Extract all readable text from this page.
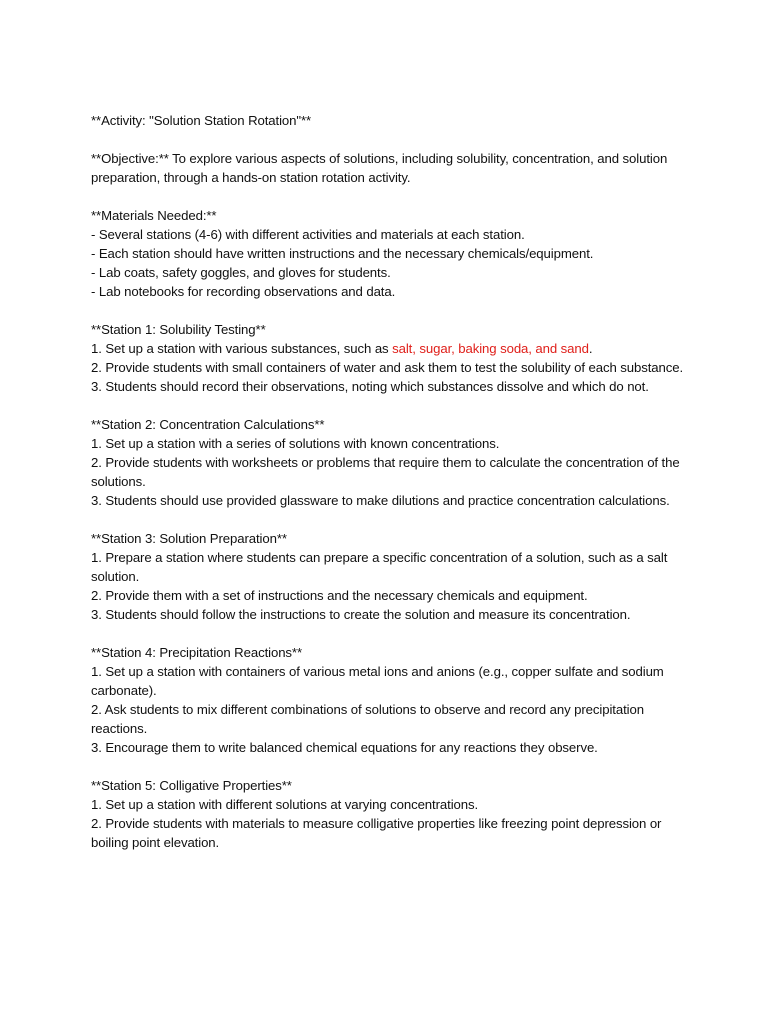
**Activity: "Solution Station Rotation"**
**Objective:** To explore various aspects of solutions, including solubility, concentration, and solution preparation, through a hands-on station rotation activity.
**Materials Needed:**
- Several stations (4-6) with different activities and materials at each station.
- Each station should have written instructions and the necessary chemicals/equipment.
- Lab coats, safety goggles, and gloves for students.
- Lab notebooks for recording observations and data.
**Station 1: Solubility Testing**
1. Set up a station with various substances, such as salt, sugar, baking soda, and sand.
2. Provide students with small containers of water and ask them to test the solubility of each substance.
3. Students should record their observations, noting which substances dissolve and which do not.
**Station 2: Concentration Calculations**
1. Set up a station with a series of solutions with known concentrations.
2. Provide students with worksheets or problems that require them to calculate the concentration of the solutions.
3. Students should use provided glassware to make dilutions and practice concentration calculations.
**Station 3: Solution Preparation**
1. Prepare a station where students can prepare a specific concentration of a solution, such as a salt solution.
2. Provide them with a set of instructions and the necessary chemicals and equipment.
3. Students should follow the instructions to create the solution and measure its concentration.
**Station 4: Precipitation Reactions**
1. Set up a station with containers of various metal ions and anions (e.g., copper sulfate and sodium carbonate).
2. Ask students to mix different combinations of solutions to observe and record any precipitation reactions.
3. Encourage them to write balanced chemical equations for any reactions they observe.
**Station 5: Colligative Properties**
1. Set up a station with different solutions at varying concentrations.
2. Provide students with materials to measure colligative properties like freezing point depression or boiling point elevation.
